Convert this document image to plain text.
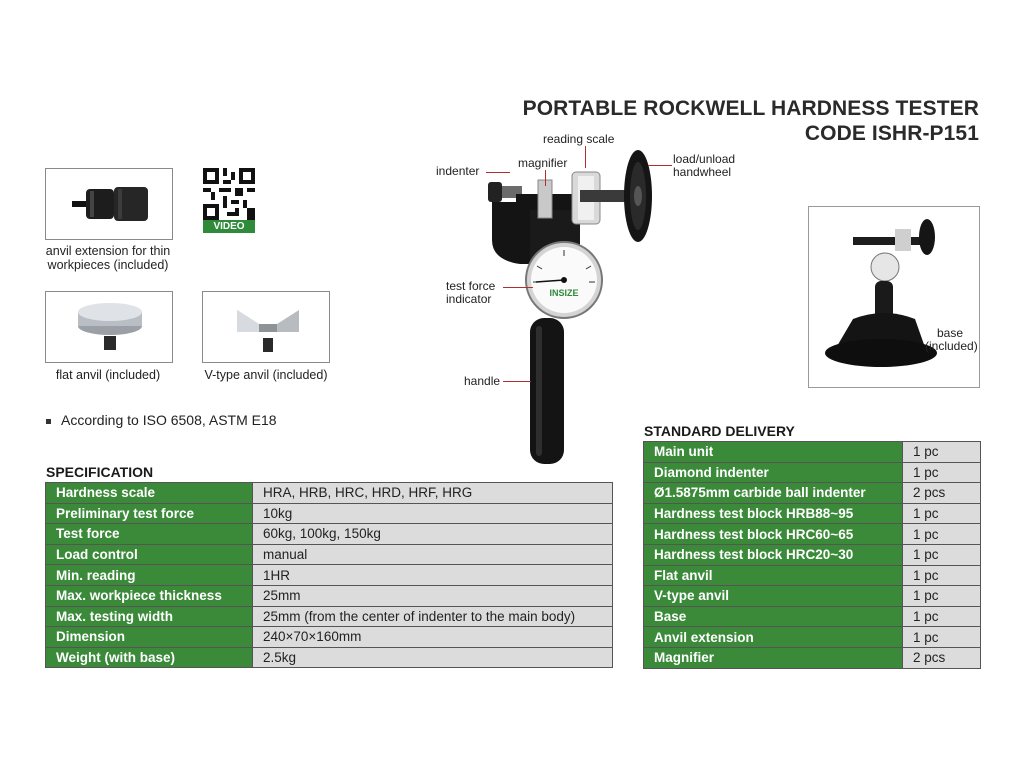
PORTABLE ROCKWELL HARDNESS TESTER
CODE ISHR-P151
anvil extension for thin workpieces (included)
VIDEO
flat anvil (included)	V-type anvil (included)
INSIZE
reading scale
indenter
magnifier	load/unload handwheel
test force indicator
handle
base (included)
According to ISO 6508, ASTM E18
SPECIFICATION
Hardness scale	HRA, HRB, HRC, HRD, HRF, HRG
Preliminary test force	10kg
Test force	60kg, 100kg, 150kg
Load control	manual
Min. reading	1HR
Max. workpiece thickness	25mm
Max. testing width	25mm (from the center of indenter to the main body)
Dimension	240×70×160mm
Weight (with base)	2.5kg
STANDARD DELIVERY
Main unit	1 pc
Diamond indenter	1 pc
Ø1.5875mm carbide ball indenter	2 pcs
Hardness test block HRB88~95	1 pc
Hardness test block HRC60~65	1 pc
Hardness test block HRC20~30	1 pc
Flat anvil	1 pc
V-type anvil	1 pc
Base	1 pc
Anvil extension	1 pc
Magnifier	2 pcs
